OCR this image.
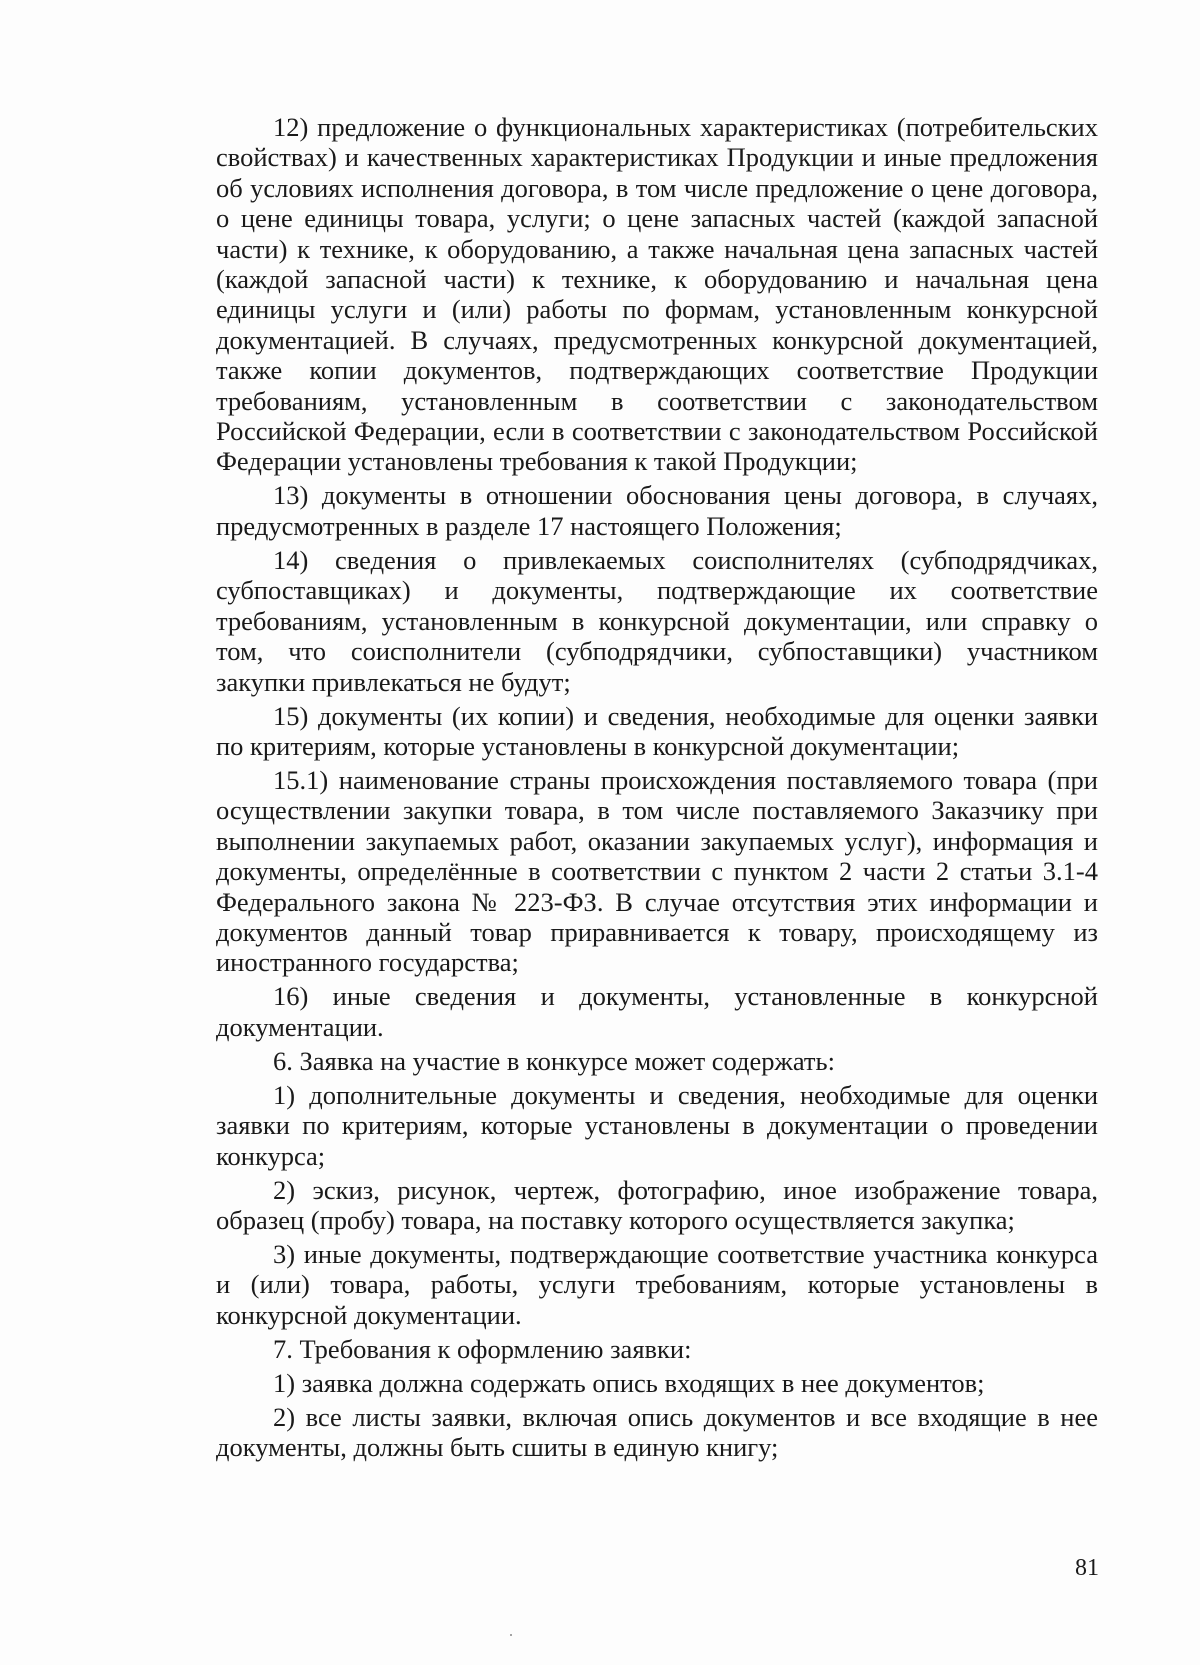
12) предложение о функциональных характеристиках (потребительских свойствах) и качественных характеристиках Продукции и иные предложения об условиях исполнения договора, в том числе предложение о цене договора, о цене единицы товара, услуги; о цене запасных частей (каждой запасной части) к технике, к оборудованию, а также начальная цена запасных частей (каждой запасной части) к технике, к оборудованию и начальная цена единицы услуги и (или) работы по формам, установленным конкурсной документацией. В случаях, предусмотренных конкурсной документацией, также копии документов, подтверждающих соответствие Продукции требованиям, установленным в соответствии с законодательством Российской Федерации, если в соответствии с законодательством Российской Федерации установлены требования к такой Продукции;

13) документы в отношении обоснования цены договора, в случаях, предусмотренных в разделе 17 настоящего Положения;

14) сведения о привлекаемых соисполнителях (субподрядчиках, субпоставщиках) и документы, подтверждающие их соответствие требованиям, установленным в конкурсной документации, или справку о том, что соисполнители (субподрядчики, субпоставщики) участником закупки привлекаться не будут;

15) документы (их копии) и сведения, необходимые для оценки заявки по критериям, которые установлены в конкурсной документации;

15.1) наименование страны происхождения поставляемого товара (при осуществлении закупки товара, в том числе поставляемого Заказчику при выполнении закупаемых работ, оказании закупаемых услуг), информация и документы, определённые в соответствии с пунктом 2 части 2 статьи 3.1-4 Федерального закона № 223-ФЗ. В случае отсутствия этих информации и документов данный товар приравнивается к товару, происходящему из иностранного государства;

16) иные сведения и документы, установленные в конкурсной документации.

6. Заявка на участие в конкурсе может содержать:

1) дополнительные документы и сведения, необходимые для оценки заявки по критериям, которые установлены в документации о проведении конкурса;

2) эскиз, рисунок, чертеж, фотографию, иное изображение товара, образец (пробу) товара, на поставку которого осуществляется закупка;

3) иные документы, подтверждающие соответствие участника конкурса и (или) товара, работы, услуги требованиям, которые установлены в конкурсной документации.

7. Требования к оформлению заявки:

1) заявка должна содержать опись входящих в нее документов;

2) все листы заявки, включая опись документов и все входящие в нее документы, должны быть сшиты в единую книгу;

81
